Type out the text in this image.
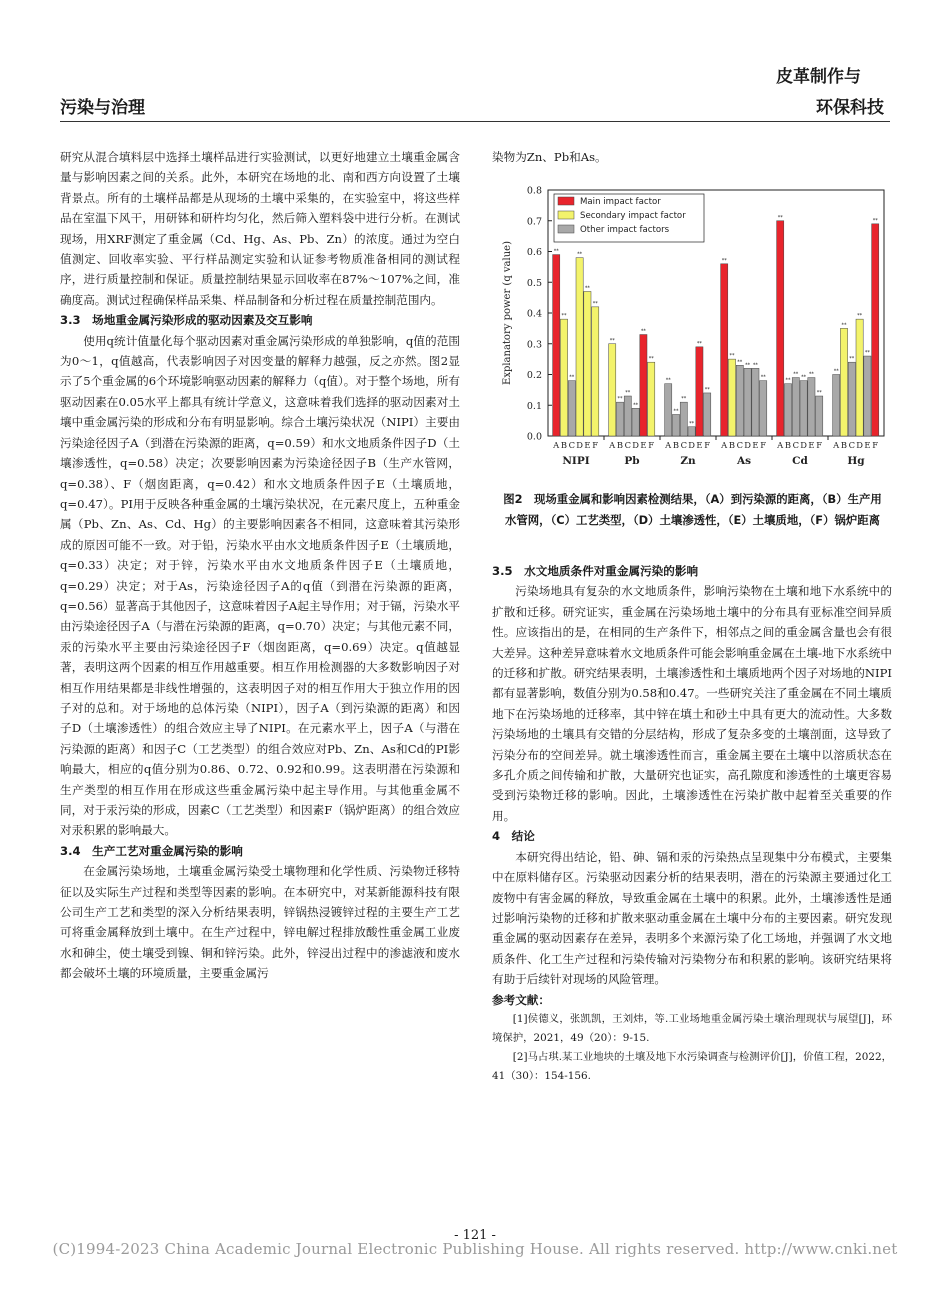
污染与治理
皮革制作与
环保科技

研究从混合填料层中选择土壤样品进行实验测试，以更好地建立土壤重金属含量与影响因素之间的关系。此外，本研究在场地的北、南和西方向设置了土壤背景点。所有的土壤样品都是从现场的土壤中采集的，在实验室中，将这些样品在室温下风干，用研钵和研杵均匀化，然后筛入塑料袋中进行分析。在测试现场，用XRF测定了重金属（Cd、Hg、As、Pb、Zn）的浓度。通过为空白值测定、回收率实验、平行样品测定实验和认证参考物质准备相同的测试程序，进行质量控制和保证。质量控制结果显示回收率在87%～107%之间，准确度高。测试过程确保样品采集、样品制备和分析过程在质量控制范围内。

3.3　场地重金属污染形成的驱动因素及交互影响

使用q统计值量化每个驱动因素对重金属污染形成的单独影响，q值的范围为0～1，q值越高，代表影响因子对因变量的解释力越强，反之亦然。图2显示了5个重金属的6个环境影响驱动因素的解释力（q值）。对于整个场地，所有驱动因素在0.05水平上都具有统计学意义，这意味着我们选择的驱动因素对土壤中重金属污染的形成和分布有明显影响。综合土壤污染状况（NIPI）主要由污染途径因子A（到潜在污染源的距离，q=0.59）和水文地质条件因子D（土壤渗透性，q=0.58）决定；次要影响因素为污染途径因子B（生产水管网，q=0.38）、F（烟囱距离，q=0.42）和水文地质条件因子E（土壤质地，q=0.47）。PI用于反映各种重金属的土壤污染状况，在元素尺度上，五种重金属（Pb、Zn、As、Cd、Hg）的主要影响因素各不相同，这意味着其污染形成的原因可能不一致。对于铅，污染水平由水文地质条件因子E（土壤质地，q=0.33）决定；对于锌，污染水平由水文地质条件因子E（土壤质地，q=0.29）决定；对于As，污染途径因子A的q值（到潜在污染源的距离，q=0.56）显著高于其他因子，这意味着因子A起主导作用；对于镉，污染水平由污染途径因子A（与潜在污染源的距离，q=0.70）决定；与其他元素不同，汞的污染水平主要由污染途径因子F（烟囱距离，q=0.69）决定。q值越显著，表明这两个因素的相互作用越重要。相互作用检测器的大多数影响因子对相互作用结果都是非线性增强的，这表明因子对的相互作用大于独立作用的因子对的总和。对于场地的总体污染（NIPI），因子A（到污染源的距离）和因子D（土壤渗透性）的组合效应主导了NIPI。在元素水平上，因子A（与潜在污染源的距离）和因子C（工艺类型）的组合效应对Pb、Zn、As和Cd的PI影响最大，相应的q值分别为0.86、0.72、0.92和0.99。这表明潜在污染源和生产类型的相互作用在形成这些重金属污染中起主导作用。与其他重金属不同，对于汞污染的形成，因素C（工艺类型）和因素F（锅炉距离）的组合效应对汞积累的影响最大。

3.4　生产工艺对重金属污染的影响

在金属污染场地，土壤重金属污染受土壤物理和化学性质、污染物迁移特征以及实际生产过程和类型等因素的影响。在本研究中，对某新能源科技有限公司生产工艺和类型的深入分析结果表明，锌锅热浸镀锌过程的主要生产工艺可将重金属释放到土壤中。在生产过程中，锌电解过程排放酸性重金属工业废水和砷尘，使土壤受到镍、铜和锌污染。此外，锌浸出过程中的渗滤液和废水都会破坏土壤的环境质量，主要重金属污

染物为Zn、Pb和As。

0.0
0.1
0.2
0.3
0.4
0.5
0.6
0.7
0.8
Explanatory power (q value)	**
A
**
B
**
C
**
D
**
E
**
F
NIPI
**
A
**
B
**
C
**
D
**
E
**
F
Pb
**
A
**
B
**
C
**
D
**
E
**
F
Zn
**
A
**
B
**
C
**
D
**
E
**
F
As
**
A
**
B
**
C
**
D
**
E
**
F
Cd
**
A
**
B
**
C
**
D
**
E
**
F
Hg
Main impact factor
Secondary impact factor
Other impact factors
图2　现场重金属和影响因素检测结果，（A）到污染源的距离，（B）生产用水管网，（C）工艺类型，（D）土壤渗透性，（E）土壤质地，（F）锅炉距离
3.5　水文地质条件对重金属污染的影响

污染场地具有复杂的水文地质条件，影响污染物在土壤和地下水系统中的扩散和迁移。研究证实，重金属在污染场地土壤中的分布具有亚标准空间异质性。应该指出的是，在相同的生产条件下，相邻点之间的重金属含量也会有很大差异。这种差异意味着水文地质条件可能会影响重金属在土壤-地下水系统中的迁移和扩散。研究结果表明，土壤渗透性和土壤质地两个因子对场地的NIPI都有显著影响，数值分别为0.58和0.47。一些研究关注了重金属在不同土壤质地下在污染场地的迁移率，其中锌在填土和砂土中具有更大的流动性。大多数污染场地的土壤具有交错的分层结构，形成了复杂多变的土壤剖面，这导致了污染分布的空间差异。就土壤渗透性而言，重金属主要在土壤中以溶质状态在多孔介质之间传输和扩散，大量研究也证实，高孔隙度和渗透性的土壤更容易受到污染物迁移的影响。因此，土壤渗透性在污染扩散中起着至关重要的作用。

4　结论

本研究得出结论，铅、砷、镉和汞的污染热点呈现集中分布模式，主要集中在原料储存区。污染驱动因素分析的结果表明，潜在的污染源主要通过化工废物中有害金属的释放，导致重金属在土壤中的积累。此外，土壤渗透性是通过影响污染物的迁移和扩散来驱动重金属在土壤中分布的主要因素。研究发现重金属的驱动因素存在差异，表明多个来源污染了化工场地，并强调了水文地质条件、化工生产过程和污染传输对污染物分布和积累的影响。该研究结果将有助于后续针对现场的风险管理。

参考文献：

[1]侯德义，张凯凯，王刘炜，等.工业场地重金属污染土壤治理现状与展望[J]，环境保护，2021，49（20）：9-15.

[2]马占琪.某工业地块的土壤及地下水污染调查与检测评价[J]，价值工程，2022，41（30）：154-156.

- 121 -
(C)1994-2023 China Academic Journal Electronic Publishing House. All rights reserved. http://www.cnki.net
